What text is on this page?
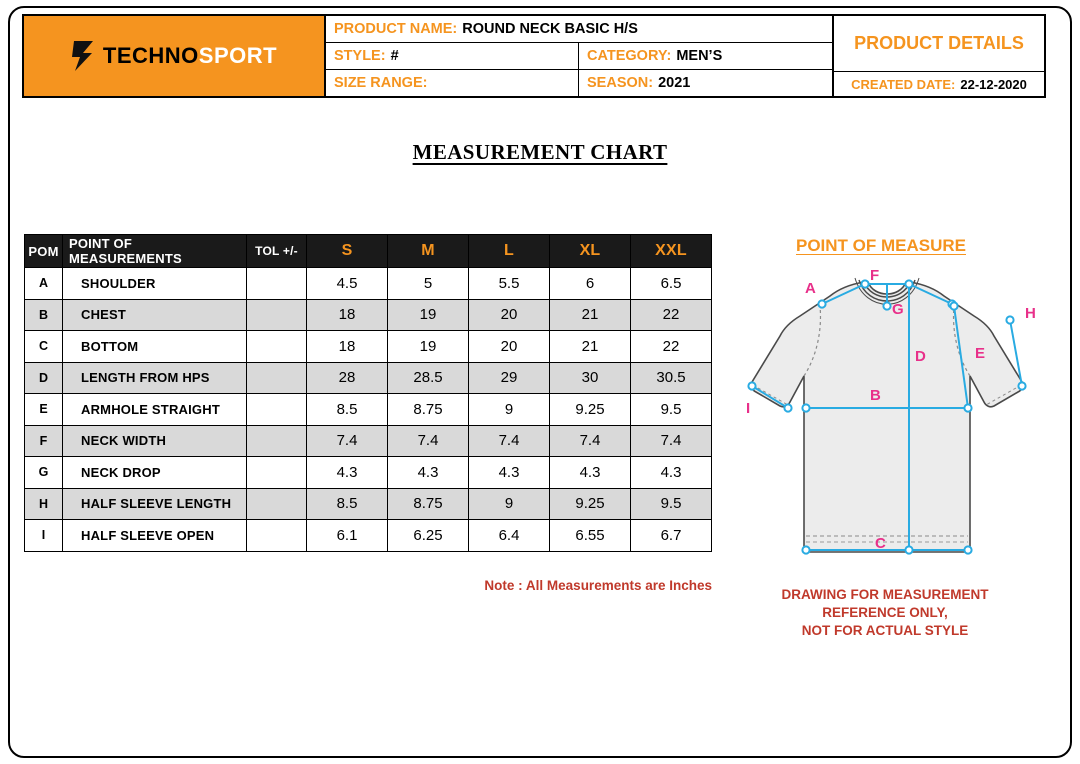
TECHNOSPORT
PRODUCT NAME: ROUND NECK BASIC H/S
STYLE: #	CATEGORY: MEN’S
SIZE RANGE:	SEASON: 2021
PRODUCT DETAILS
CREATED DATE: 22-12-2020
MEASUREMENT CHART
POM	POINT OF MEASUREMENTS	TOL +/-	S	M	L	XL	XXL
A	SHOULDER		4.5	5	5.5	6	6.5
B	CHEST		18	19	20	21	22
C	BOTTOM		18	19	20	21	22
D	LENGTH FROM HPS		28	28.5	29	30	30.5
E	ARMHOLE STRAIGHT		8.5	8.75	9	9.25	9.5
F	NECK WIDTH		7.4	7.4	7.4	7.4	7.4
G	NECK DROP		4.3	4.3	4.3	4.3	4.3
H	HALF SLEEVE LENGTH		8.5	8.75	9	9.25	9.5
I	HALF SLEEVE OPEN		6.1	6.25	6.4	6.55	6.7
Note : All Measurements are Inches
POINT OF MEASURE
A
B
C
D	E
F
G	H
I
DRAWING FOR MEASUREMENT
REFERENCE ONLY,
NOT FOR ACTUAL STYLE
